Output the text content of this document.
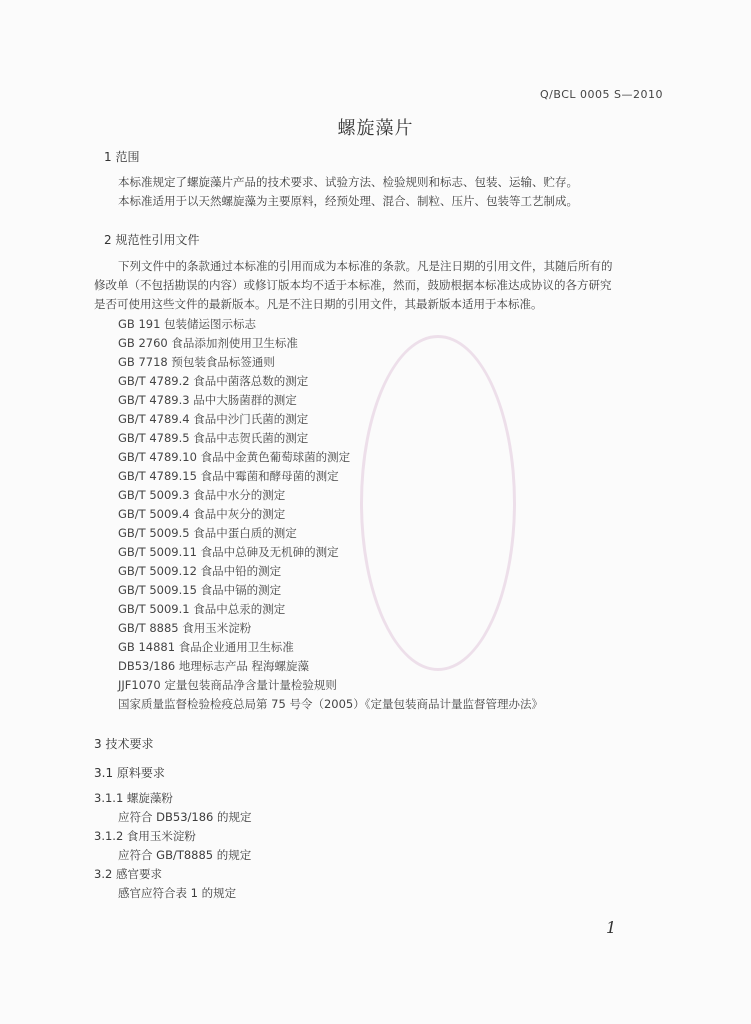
Q/BCL 0005 S—2010
螺旋藻片
1 范围
本标准规定了螺旋藻片产品的技术要求、试验方法、检验规则和标志、包装、运输、贮存。
本标准适用于以天然螺旋藻为主要原料，经预处理、混合、制粒、压片、包装等工艺制成。
2 规范性引用文件
下列文件中的条款通过本标准的引用而成为本标准的条款。凡是注日期的引用文件，其随后所有的
修改单（不包括勘误的内容）或修订版本均不适于本标准，然而，鼓励根据本标准达成协议的各方研究
是否可使用这些文件的最新版本。凡是不注日期的引用文件，其最新版本适用于本标准。
GB 191 包装储运图示标志
GB 2760 食品添加剂使用卫生标准
GB 7718 预包装食品标签通则
GB/T 4789.2 食品中菌落总数的测定
GB/T 4789.3 品中大肠菌群的测定
GB/T 4789.4 食品中沙门氏菌的测定
GB/T 4789.5 食品中志贺氏菌的测定
GB/T 4789.10 食品中金黄色葡萄球菌的测定
GB/T 4789.15 食品中霉菌和酵母菌的测定
GB/T 5009.3 食品中水分的测定
GB/T 5009.4 食品中灰分的测定
GB/T 5009.5 食品中蛋白质的测定
GB/T 5009.11 食品中总砷及无机砷的测定
GB/T 5009.12 食品中铅的测定
GB/T 5009.15 食品中镉的测定
GB/T 5009.1 食品中总汞的测定
GB/T 8885 食用玉米淀粉
GB 14881 食品企业通用卫生标准
DB53/186 地理标志产品 程海螺旋藻
JJF1070 定量包装商品净含量计量检验规则
国家质量监督检验检疫总局第 75 号令（2005）《定量包装商品计量监督管理办法》
3 技术要求
3.1 原料要求
3.1.1 螺旋藻粉
应符合 DB53/186 的规定
3.1.2 食用玉米淀粉
应符合 GB/T8885 的规定
3.2 感官要求
感官应符合表 1 的规定
1
